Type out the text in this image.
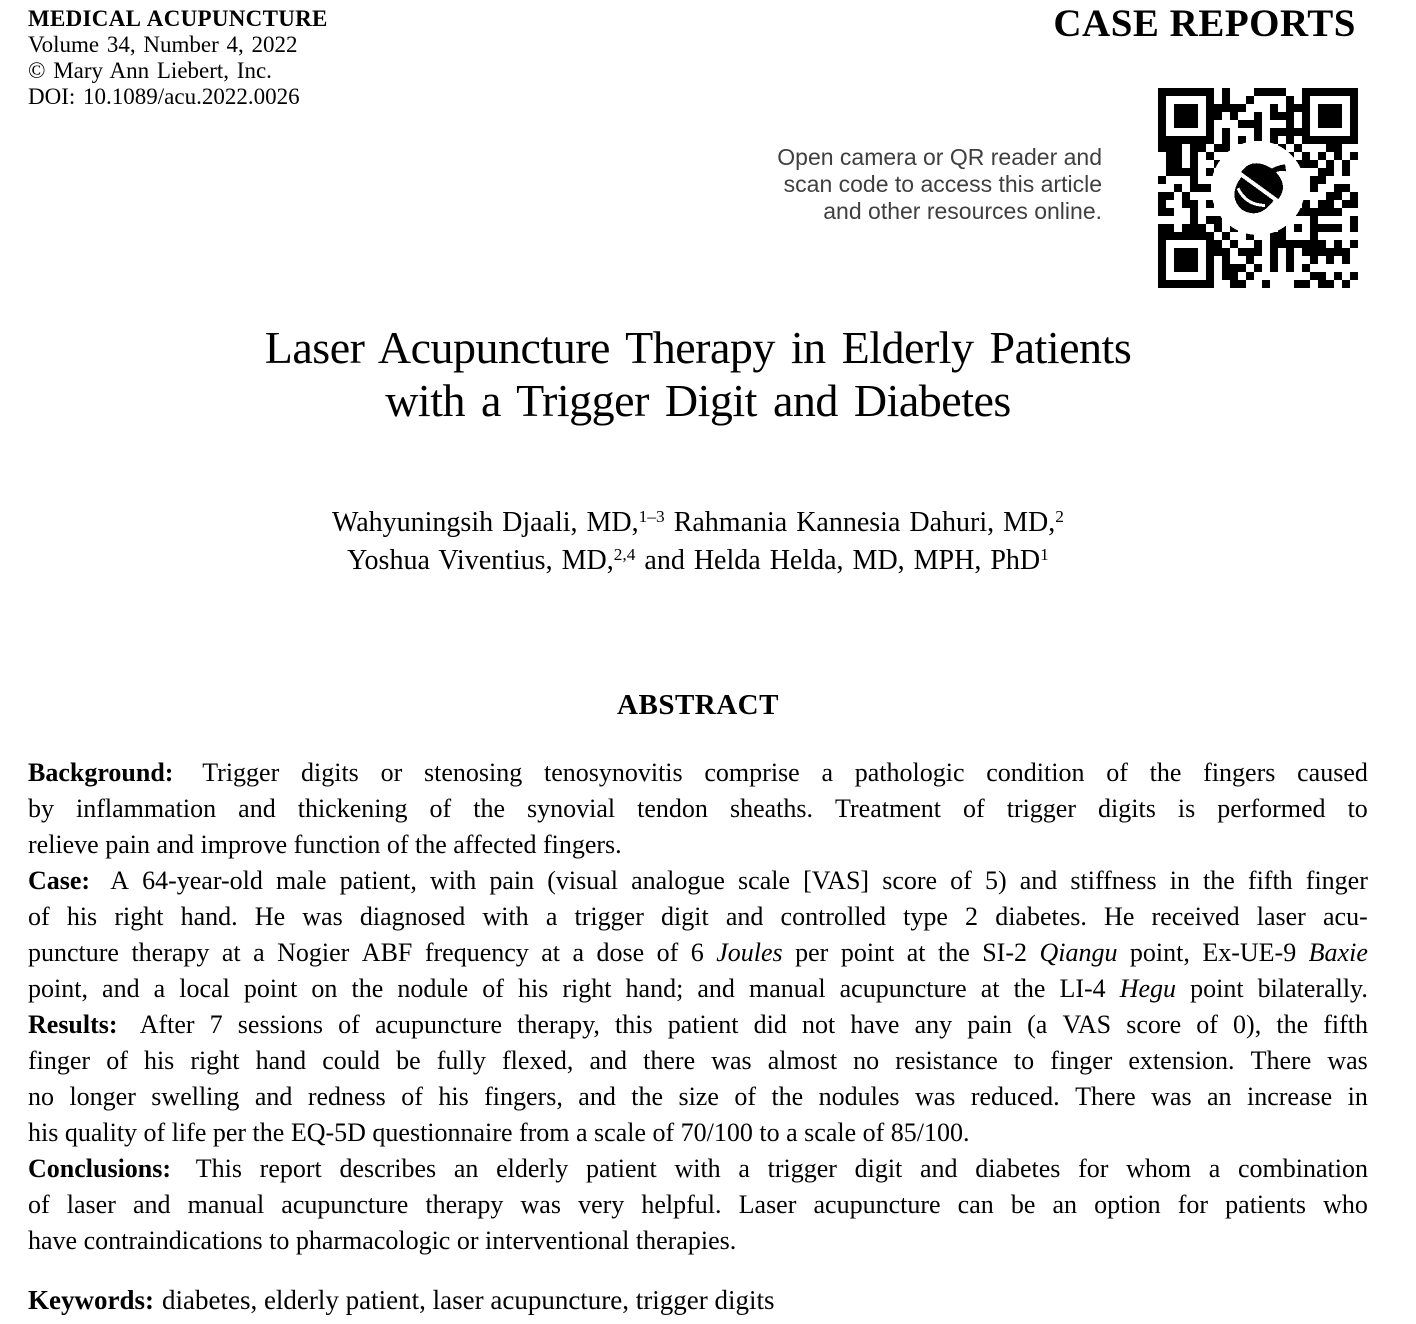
MEDICAL ACUPUNCTURE
Volume 34, Number 4, 2022
© Mary Ann Liebert, Inc.
DOI: 10.1089/acu.2022.0026
CASE REPORTS
Open camera or QR reader and
scan code to access this article
and other resources online.
Laser Acupuncture Therapy in Elderly Patients
with a Trigger Digit and Diabetes
Wahyuningsih Djaali, MD,$^{1-3}$ Rahmania Kannesia Dahuri, MD,$^2$
Yoshua Viventius, MD,$^{2,4}$ and Helda Helda, MD, MPH, PhD$^1$
ABSTRACT
Background: Trigger digits or stenosing tenosynovitis comprise a pathologic condition of the fingers caused
by inflammation and thickening of the synovial tendon sheaths. Treatment of trigger digits is performed to
relieve pain and improve function of the affected fingers.
Case: A 64-year-old male patient, with pain (visual analogue scale [VAS] score of 5) and stiffness in the fifth finger
of his right hand. He was diagnosed with a trigger digit and controlled type 2 diabetes. He received laser acu-
puncture therapy at a Nogier ABF frequency at a dose of 6 Joules per point at the SI-2 Qiangu point, Ex-UE-9 Baxie
point, and a local point on the nodule of his right hand; and manual acupuncture at the LI-4 Hegu point bilaterally.
Results: After 7 sessions of acupuncture therapy, this patient did not have any pain (a VAS score of 0), the fifth
finger of his right hand could be fully flexed, and there was almost no resistance to finger extension. There was
no longer swelling and redness of his fingers, and the size of the nodules was reduced. There was an increase in
his quality of life per the EQ-5D questionnaire from a scale of 70/100 to a scale of 85/100.
Conclusions: This report describes an elderly patient with a trigger digit and diabetes for whom a combination
of laser and manual acupuncture therapy was very helpful. Laser acupuncture can be an option for patients who
have contraindications to pharmacologic or interventional therapies.
Keywords: diabetes, elderly patient, laser acupuncture, trigger digits
